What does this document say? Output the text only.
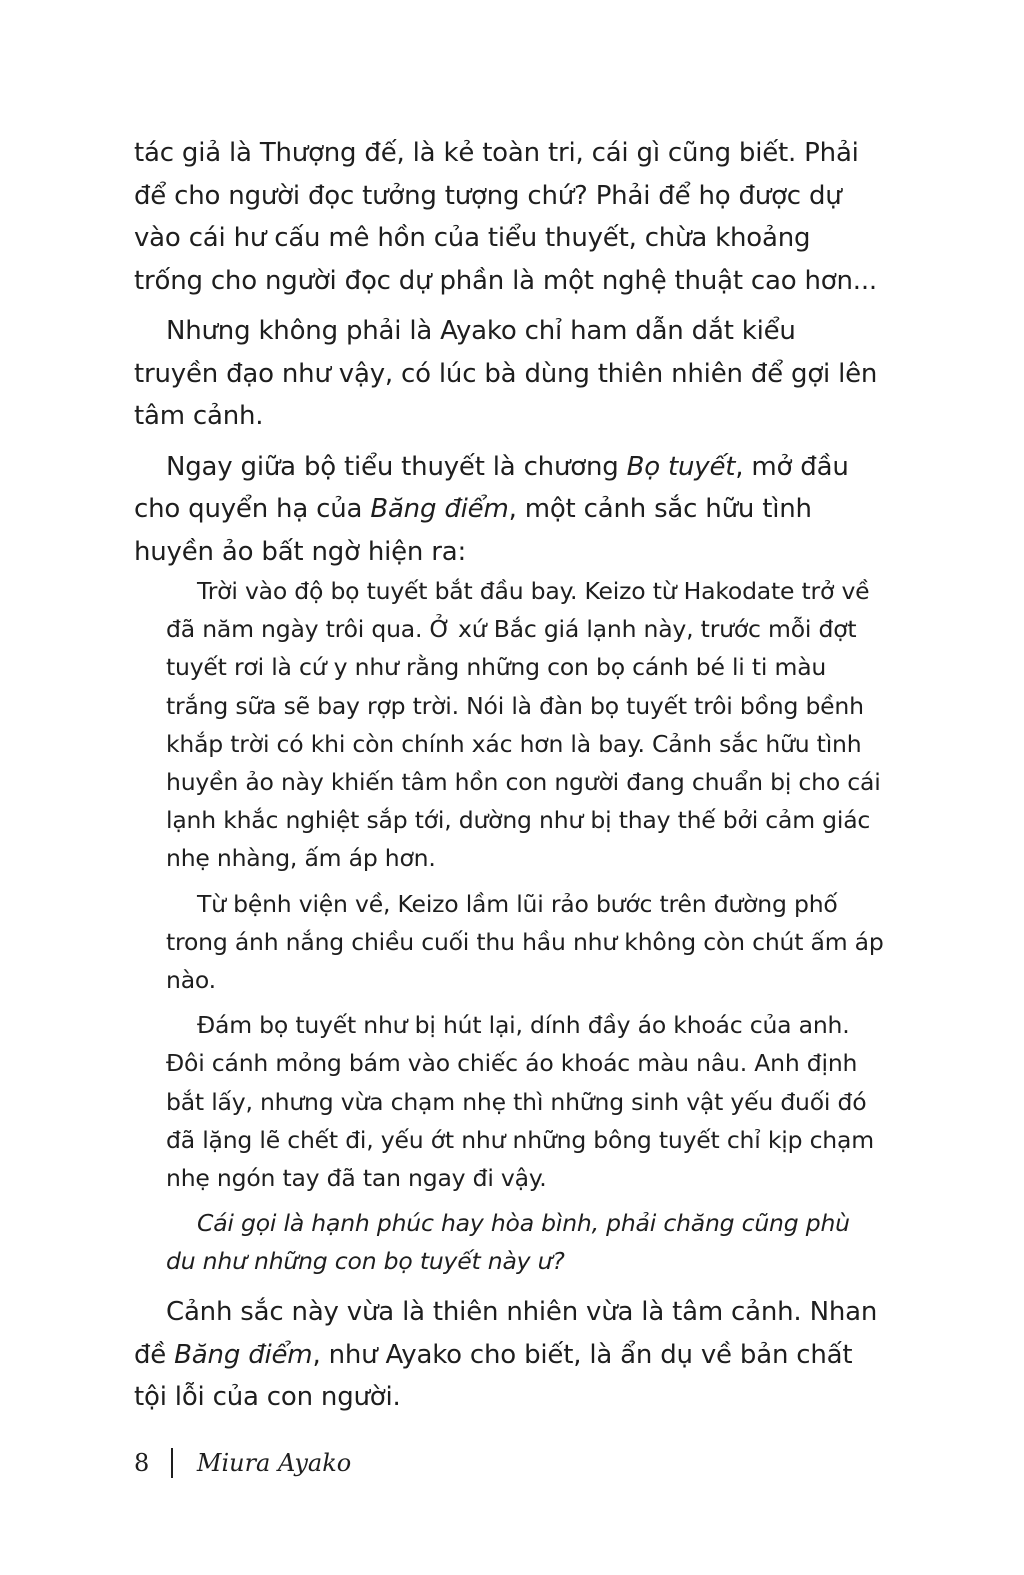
tác giả là Thượng đế, là kẻ toàn tri, cái gì cũng biết. Phải để cho người đọc tưởng tượng chứ? Phải để họ được dự vào cái hư cấu mê hồn của tiểu thuyết, chừa khoảng trống cho người đọc dự phần là một nghệ thuật cao hơn...

Nhưng không phải là Ayako chỉ ham dẫn dắt kiểu truyền đạo như vậy, có lúc bà dùng thiên nhiên để gợi lên tâm cảnh.

Ngay giữa bộ tiểu thuyết là chương Bọ tuyết, mở đầu cho quyển hạ của Băng điểm, một cảnh sắc hữu tình huyền ảo bất ngờ hiện ra:

Trời vào độ bọ tuyết bắt đầu bay. Keizo từ Hakodate trở về đã năm ngày trôi qua. Ở xứ Bắc giá lạnh này, trước mỗi đợt tuyết rơi là cứ y như rằng những con bọ cánh bé li ti màu trắng sữa sẽ bay rợp trời. Nói là đàn bọ tuyết trôi bồng bềnh khắp trời có khi còn chính xác hơn là bay. Cảnh sắc hữu tình huyền ảo này khiến tâm hồn con người đang chuẩn bị cho cái lạnh khắc nghiệt sắp tới, dường như bị thay thế bởi cảm giác nhẹ nhàng, ấm áp hơn.

Từ bệnh viện về, Keizo lầm lũi rảo bước trên đường phố trong ánh nắng chiều cuối thu hầu như không còn chút ấm áp nào.

Đám bọ tuyết như bị hút lại, dính đầy áo khoác của anh. Đôi cánh mỏng bám vào chiếc áo khoác màu nâu. Anh định bắt lấy, nhưng vừa chạm nhẹ thì những sinh vật yếu đuối đó đã lặng lẽ chết đi, yếu ớt như những bông tuyết chỉ kịp chạm nhẹ ngón tay đã tan ngay đi vậy.

Cái gọi là hạnh phúc hay hòa bình, phải chăng cũng phù du như những con bọ tuyết này ư?

Cảnh sắc này vừa là thiên nhiên vừa là tâm cảnh. Nhan đề Băng điểm, như Ayako cho biết, là ẩn dụ về bản chất tội lỗi của con người.

8 Miura Ayako
